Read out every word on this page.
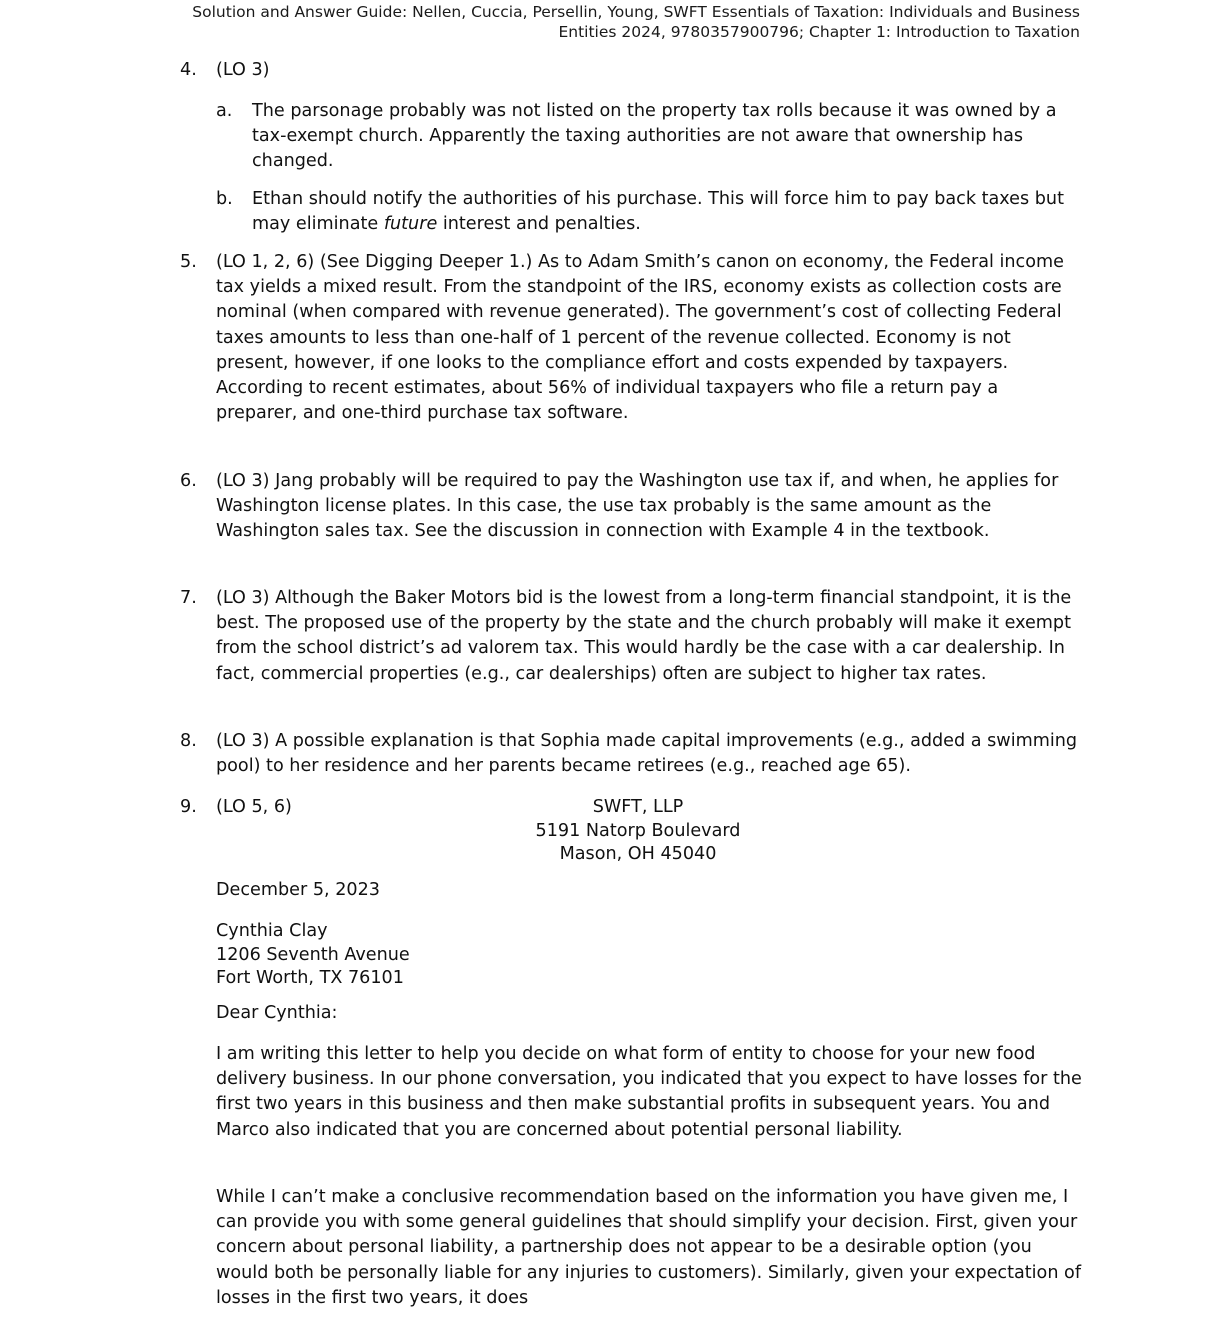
Solution and Answer Guide: Nellen, Cuccia, Persellin, Young, SWFT Essentials of Taxation: Individuals and Business
Entities 2024, 9780357900796; Chapter 1: Introduction to Taxation
4.	(LO 3)
a. The parsonage probably was not listed on the property tax rolls because it was owned by a tax-exempt church. Apparently the taxing authorities are not aware that ownership has changed.
b. Ethan should notify the authorities of his purchase. This will force him to pay back taxes but may eliminate future interest and penalties.
5.	(LO 1, 2, 6) (See Digging Deeper 1.) As to Adam Smith’s canon on economy, the Federal income tax yields a mixed result. From the standpoint of the IRS, economy exists as collection costs are nominal (when compared with revenue generated). The government’s cost of collecting Federal taxes amounts to less than one-half of 1 percent of the revenue collected. Economy is not present, however, if one looks to the compliance effort and costs expended by taxpayers. According to recent estimates, about 56% of individual taxpayers who file a return pay a preparer, and one-third purchase tax software.
6.	(LO 3) Jang probably will be required to pay the Washington use tax if, and when, he applies for Washington license plates. In this case, the use tax probably is the same amount as the Washington sales tax. See the discussion in connection with Example 4 in the textbook.
7.	(LO 3) Although the Baker Motors bid is the lowest from a long-term financial standpoint, it is the best. The proposed use of the property by the state and the church probably will make it exempt from the school district’s ad valorem tax. This would hardly be the case with a car dealership. In fact, commercial properties (e.g., car dealerships) often are subject to higher tax rates.
8.	(LO 3) A possible explanation is that Sophia made capital improvements (e.g., added a swimming pool) to her residence and her parents became retirees (e.g., reached age 65).
9.	(LO 5, 6)	SWFT, LLP
5191 Natorp Boulevard
Mason, OH 45040
December 5, 2023
Cynthia Clay
1206 Seventh Avenue
Fort Worth, TX 76101
Dear Cynthia:
I am writing this letter to help you decide on what form of entity to choose for your new food delivery business. In our phone conversation, you indicated that you expect to have losses for the first two years in this business and then make substantial profits in subsequent years. You and Marco also indicated that you are concerned about potential personal liability.
While I can’t make a conclusive recommendation based on the information you have given me, I can provide you with some general guidelines that should simplify your decision. First, given your concern about personal liability, a partnership does not appear to be a desirable option (you would both be personally liable for any injuries to customers). Similarly, given your expectation of losses in the first two years, it does
